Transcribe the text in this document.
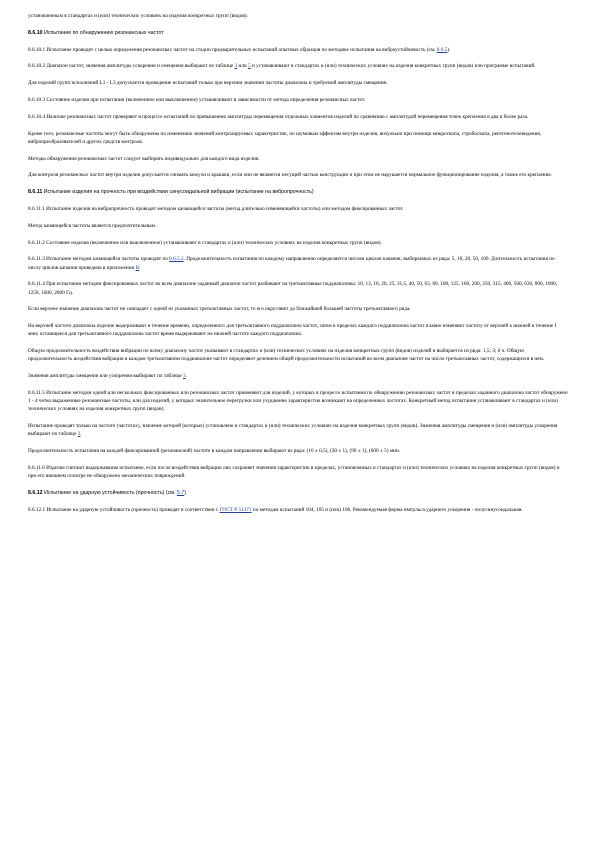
установленным в стандартах и (или) технических условиях на изделия конкретных групп (видов).

8.6.10 Испытание по обнаружению резонансных частот

8.6.10.1 Испытание проводят с целью определения резонансных частот на стадии предварительных испытаний опытных образцов по методике испытания на виброустойчивость (см. 8.6.5).

8.6.10.2 Диапазон частот, значения амплитуды ускорения и смещения выбирают по таблице 3 или 5 и устанавливают в стандартах и (или) технических условиях на изделия конкретных групп (видов) или программе испытаний.

Для изделий групп исполнений L1 - L3 допускается проведение испытаний только при верхнем значении частоты диапазона и требуемой амплитуды смещения.

8.6.10.3 Состояние изделия при испытании (включенное или выключенное) устанавливают в зависимости от метода определения резонансных частот.

8.6.10.4 Наличие резонансных частот проверяют в процессе испытаний по превышению амплитуды перемещения отдельных элементов изделий по сравнению с амплитудой перемещения точек крепления в два и более раза.

Кроме того, резонансные частоты могут быть обнаружены по изменению значений контролируемых характеристик, по шумовым эффектам внутри изделия, визуально при помощи микроскопа, стробоскопа, рентгенотелевидения, вибропреобразователей и других средств контроля.

Методы обнаружения резонансных частот следует выбирать индивидуально для каждого вида изделия.

Для контроля резонансных частот внутри изделия допускается снимать кожухи и крышки, если они не являются несущей частью конструкции и при этом не нарушается нормальное функционирование изделия, а также его крепление.

8.6.11 Испытание изделия на прочность при воздействии синусоидальной вибрации (испытание на вибропрочность)

8.6.11.1 Испытание изделия на вибропрочность проводят методом качающейся частоты (метод длительно изменяющейся частоты) или методом фиксированных частот.

Метод качающейся частоты является предпочтительным.

8.6.11.2 Состояние изделия (включенное или выключенное) устанавливают в стандартах и (или) технических условиях на изделия конкретных групп (видов).

8.6.11.3 Испытание методом качающейся частоты проводят по 8.6.5.2. Продолжительность испытания по каждому направлению определяется числом циклов качания, выбираемых из ряда: 5, 10, 20, 50, 100. Длительность испытания по числу циклов качания приведена в приложении В.

8.6.11.4 При испытании методом фиксированных частот во всем диапазоне заданный диапазон частот разбивают на третьоктавные поддиапазоны: 10, 13, 16, 20, 25, 31,5, 40, 50, 63, 80, 100, 125, 160, 200, 250, 315, 400, 500, 630, 800, 1000, 1250, 1600, 2000 Гц.

Если верхнее значение диапазона частот не совпадает с одной из указанных третьоктавных частот, то его округляют до ближайшей большей частоты третьоктавного ряда.

На верхней частоте диапазона изделие выдерживают в течение времени, определенного для третьоктавного поддиапазона частот, затем в пределах каждого поддиапазона частот плавно изменяют частоту от верхней к нижней в течение 1 мин; остающееся для третьоктавного поддиапазона частот время выдерживают на нижней частоте каждого поддиапазона.

Общую продолжительность воздействия вибрации по всему диапазону частот указывают в стандартах и (или) технических условиях на изделия конкретных групп (видов) изделий и выбирается из ряда: 1,5; 3; 6 ч. Общую продолжительность воздействия вибрации в каждом третьоктавном поддиапазоне частот определяют делением общей продолжительности испытаний во всем диапазоне частот на число третьоктавных частот, содержащихся в нем.

Значения амплитуды смещения или ускорения выбирают по таблице 3.

8.6.11.5 Испытание методом одной или нескольких фиксированных или резонансных частот применяют для изделий, у которых в процессе испытания по обнаружению резонансных частот в пределах заданного диапазона частот обнаружено 1 - 4 четко выраженные резонансные частоты, или для изделий, у которых значительное перегрузки или ухудшение характеристик возникают на определенных частотах. Конкретный метод испытания устанавливают в стандартах и (или) технических условиях на изделия конкретных групп (видов).

Испытание проводят только на частоте (частотах), значение которой (которых) установлено в стандартах и (или) технических условиях на изделия конкретных групп (видов). Значения амплитуды смещения и (или) амплитуды ускорения выбирают по таблице 3.

Продолжительность испытания на каждой фиксированной (резонансной) частоте в каждом направлении выбирают из ряда: (10 ± 0,5), (30 ± 1), (90 ± 1), (600 ± 5) мин.

8.6.11.6 Изделие считают выдержавшим испытание, если после воздействия вибрации оно сохраняет значения характеристик в пределах, установленных в стандартах и (или) технических условиях на изделия конкретных групп (видов) и при его внешнем осмотре не обнаружено механических повреждений.

8.6.12 Испытание на ударную устойчивость (прочность) (см. 5.7)

8.6.12.1 Испытание на ударную устойчивость (прочность) проводят в соответствии с ГОСТ Р 51371 по методам испытаний 104, 105 и (или) 106. Рекомендуемая форма импульса ударного ускорения - полусинусоидальная.
